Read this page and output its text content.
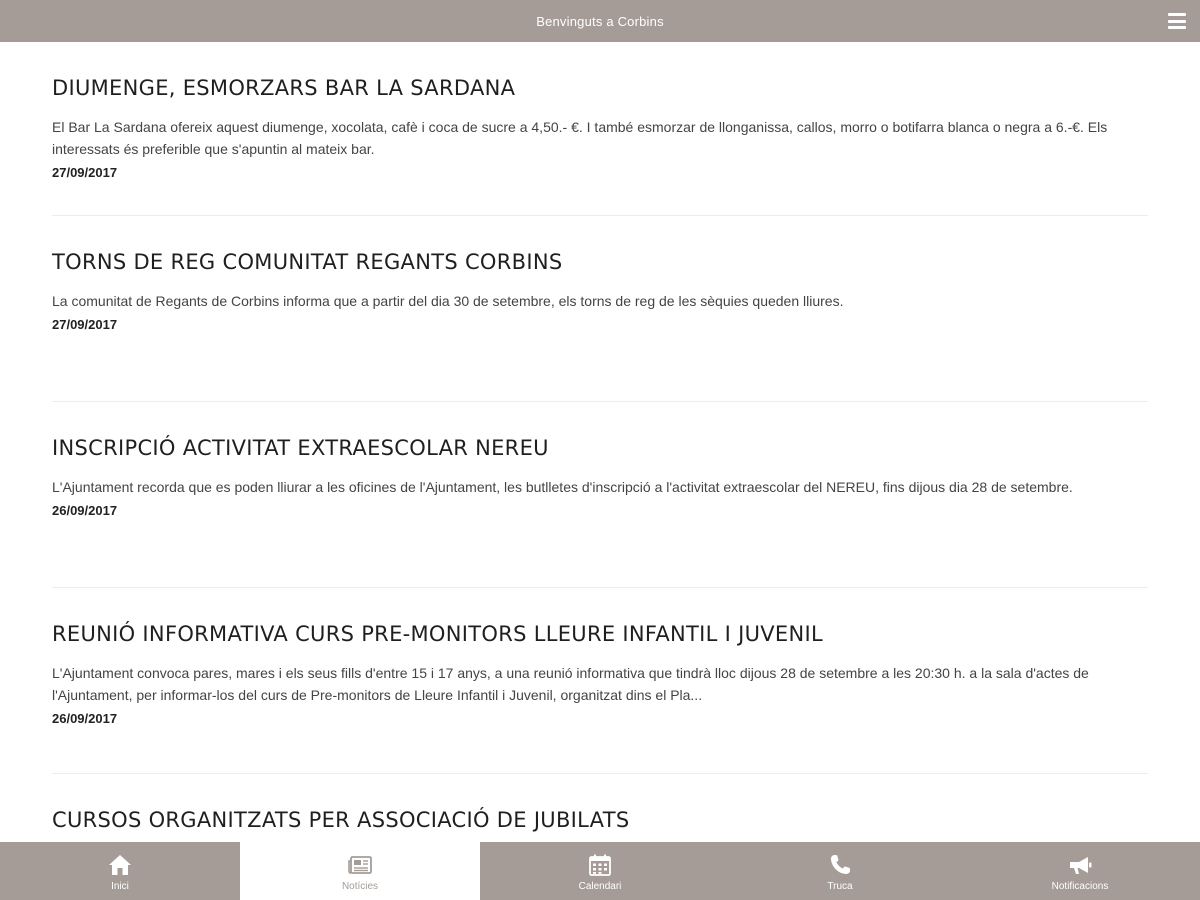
Benvinguts a Corbins
DIUMENGE, ESMORZARS BAR LA SARDANA

El Bar La Sardana ofereix aquest diumenge, xocolata, cafè i coca de sucre a 4,50.- €. I també esmorzar de llonganissa, callos, morro o botifarra blanca o negra a 6.-€. Els interessats és preferible que s'apuntin al mateix bar.

27/09/2017
TORNS DE REG COMUNITAT REGANTS CORBINS

La comunitat de Regants de Corbins informa que a partir del dia 30 de setembre, els torns de reg de les sèquies queden lliures.

27/09/2017
INSCRIPCIÓ ACTIVITAT EXTRAESCOLAR NEREU

L'Ajuntament recorda que es poden lliurar a les oficines de l'Ajuntament, les butlletes d'inscripció a l'activitat extraescolar del NEREU, fins dijous dia 28 de setembre.

26/09/2017
REUNIÓ INFORMATIVA CURS PRE-MONITORS LLEURE INFANTIL I JUVENIL

L'Ajuntament convoca pares, mares i els seus fills d'entre 15 i 17 anys, a una reunió informativa que tindrà lloc dijous 28 de setembre a les 20:30 h. a la sala d'actes de l'Ajuntament, per informar-los del curs de Pre-monitors de Lleure Infantil i Juvenil, organitzat dins el Pla...

26/09/2017
CURSOS ORGANITZATS PER ASSOCIACIÓ DE JUBILATS

Inici	Notícies	Calendari	Truca	Notificacions
